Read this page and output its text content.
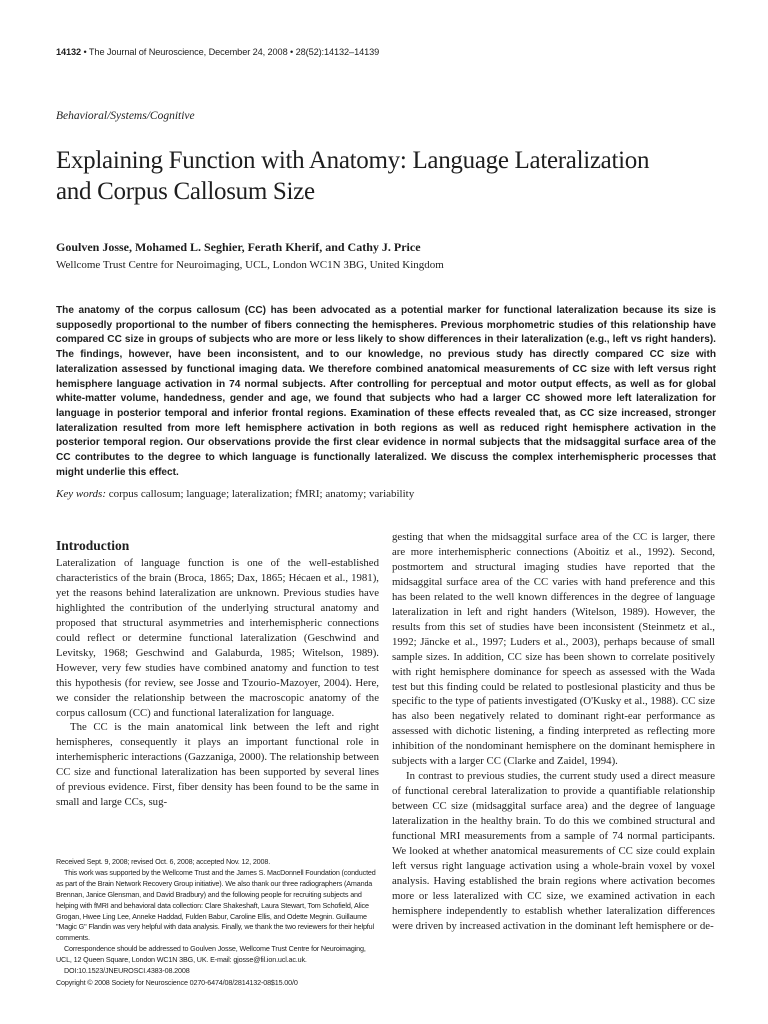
14132 • The Journal of Neuroscience, December 24, 2008 • 28(52):14132–14139
Behavioral/Systems/Cognitive
Explaining Function with Anatomy: Language Lateralization
and Corpus Callosum Size
Goulven Josse, Mohamed L. Seghier, Ferath Kherif, and Cathy J. Price
Wellcome Trust Centre for Neuroimaging, UCL, London WC1N 3BG, United Kingdom

The anatomy of the corpus callosum (CC) has been advocated as a potential marker for functional lateralization because its size is supposedly proportional to the number of fibers connecting the hemispheres. Previous morphometric studies of this relationship have compared CC size in groups of subjects who are more or less likely to show differences in their lateralization (e.g., left vs right handers). The findings, however, have been inconsistent, and to our knowledge, no previous study has directly compared CC size with lateralization assessed by functional imaging data. We therefore combined anatomical measurements of CC size with left versus right hemisphere language activation in 74 normal subjects. After controlling for perceptual and motor output effects, as well as for global white-matter volume, handedness, gender and age, we found that subjects who had a larger CC showed more left lateralization for language in posterior temporal and inferior frontal regions. Examination of these effects revealed that, as CC size increased, stronger lateralization resulted from more left hemisphere activation in both regions as well as reduced right hemisphere activation in the posterior temporal region. Our observations provide the first clear evidence in normal subjects that the midsaggital surface area of the CC contributes to the degree to which language is functionally lateralized. We discuss the complex interhemispheric processes that might underlie this effect.

Key words: corpus callosum; language; lateralization; fMRI; anatomy; variability
Introduction

Lateralization of language function is one of the well-established characteristics of the brain (Broca, 1865; Dax, 1865; Hécaen et al., 1981), yet the reasons behind lateralization are unknown. Previous studies have highlighted the contribution of the underlying structural anatomy and proposed that structural asymmetries and interhemispheric connections could reflect or determine functional lateralization (Geschwind and Levitsky, 1968; Geschwind and Galaburda, 1985; Witelson, 1989). However, very few studies have combined anatomy and function to test this hypothesis (for review, see Josse and Tzourio-Mazoyer, 2004). Here, we consider the relationship between the macroscopic anatomy of the corpus callosum (CC) and functional lateralization for language.

The CC is the main anatomical link between the left and right hemispheres, consequently it plays an important functional role in interhemispheric interactions (Gazzaniga, 2000). The relationship between CC size and functional lateralization has been supported by several lines of previous evidence. First, fiber density has been found to be the same in small and large CCs, sug-

gesting that when the midsaggital surface area of the CC is larger, there are more interhemispheric connections (Aboitiz et al., 1992). Second, postmortem and structural imaging studies have reported that the midsaggital surface area of the CC varies with hand preference and this has been related to the well known differences in the degree of language lateralization in left and right handers (Witelson, 1989). However, the results from this set of studies have been inconsistent (Steinmetz et al., 1992; Jäncke et al., 1997; Luders et al., 2003), perhaps because of small sample sizes. In addition, CC size has been shown to correlate positively with right hemisphere dominance for speech as assessed with the Wada test but this finding could be related to postlesional plasticity and thus be specific to the type of patients investigated (O'Kusky et al., 1988). CC size has also been negatively related to dominant right-ear performance as assessed with dichotic listening, a finding interpreted as reflecting more inhibition of the nondominant hemisphere on the dominant hemisphere in subjects with a larger CC (Clarke and Zaidel, 1994).

In contrast to previous studies, the current study used a direct measure of functional cerebral lateralization to provide a quantifiable relationship between CC size (midsaggital surface area) and the degree of language lateralization in the healthy brain. To do this we combined structural and functional MRI measurements from a sample of 74 normal participants. We looked at whether anatomical measurements of CC size could explain left versus right language activation using a whole-brain voxel by voxel analysis. Having established the brain regions where activation becomes more or less lateralized with CC size, we examined activation in each hemisphere independently to establish whether lateralization differences were driven by increased activation in the dominant left hemisphere or de-

Received Sept. 9, 2008; revised Oct. 6, 2008; accepted Nov. 12, 2008.

This work was supported by the Wellcome Trust and the James S. MacDonnell Foundation (conducted as part of the Brain Network Recovery Group initiative). We also thank our three radiographers (Amanda Brennan, Janice Glensman, and David Bradbury) and the following people for recruiting subjects and helping with fMRI and behavioral data collection: Clare Shakeshaft, Laura Stewart, Tom Schofield, Alice Grogan, Hwee Ling Lee, Anneke Haddad, Fulden Babur, Caroline Ellis, and Odette Megnin. Guillaume "Magic G" Flandin was very helpful with data analysis. Finally, we thank the two reviewers for their helpful comments.

Correspondence should be addressed to Goulven Josse, Wellcome Trust Centre for Neuroimaging, UCL, 12 Queen Square, London WC1N 3BG, UK. E-mail: gjosse@fil.ion.ucl.ac.uk.

DOI:10.1523/JNEUROSCI.4383-08.2008

Copyright © 2008 Society for Neuroscience 0270-6474/08/2814132-08$15.00/0
